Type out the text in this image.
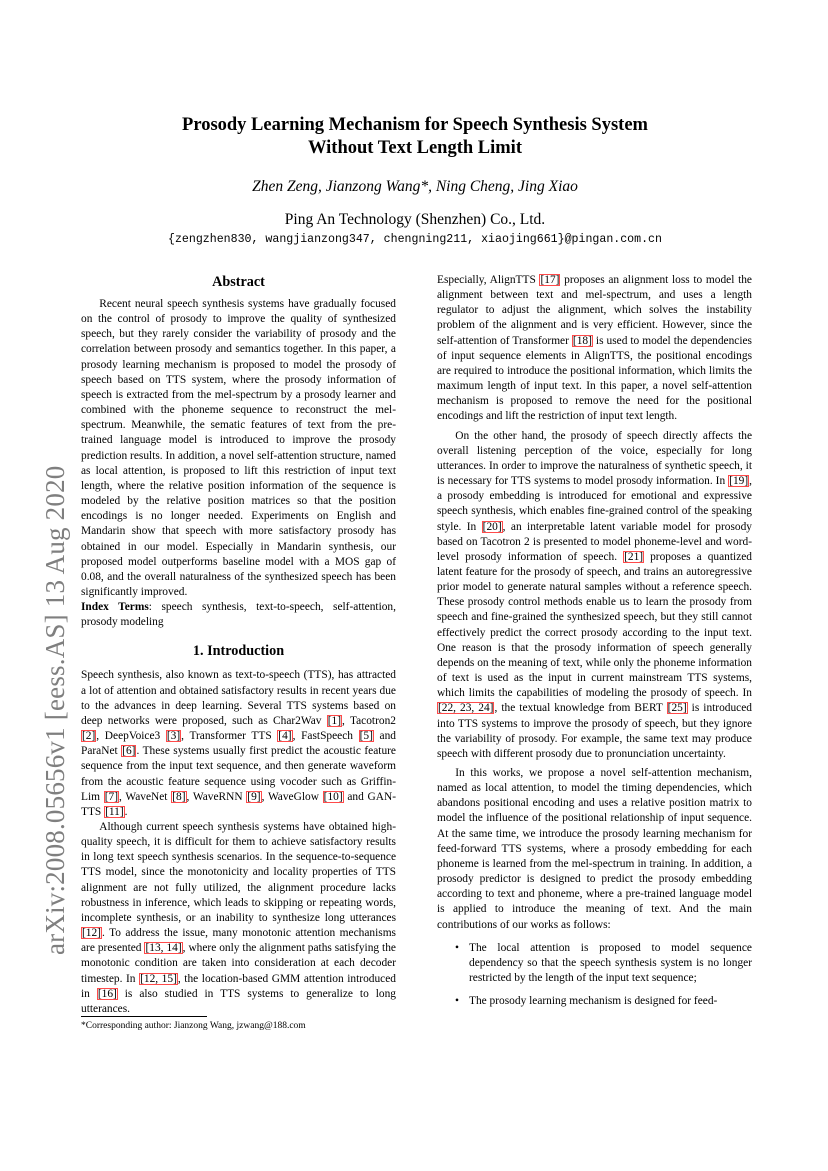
arXiv:2008.05656v1 [eess.AS] 13 Aug 2020
Prosody Learning Mechanism for Speech Synthesis System
Without Text Length Limit
Zhen Zeng, Jianzong Wang*, Ning Cheng, Jing Xiao
Ping An Technology (Shenzhen) Co., Ltd.
{zengzhen830, wangjianzong347, chengning211, xiaojing661}@pingan.com.cn
Abstract

Recent neural speech synthesis systems have gradually focused on the control of prosody to improve the quality of synthesized speech, but they rarely consider the variability of prosody and the correlation between prosody and semantics together. In this paper, a prosody learning mechanism is proposed to model the prosody of speech based on TTS system, where the prosody information of speech is extracted from the mel-spectrum by a prosody learner and combined with the phoneme sequence to reconstruct the mel-spectrum. Meanwhile, the sematic features of text from the pre-trained language model is introduced to improve the prosody prediction results. In addition, a novel self-attention structure, named as local attention, is proposed to lift this restriction of input text length, where the relative position information of the sequence is modeled by the relative position matrices so that the position encodings is no longer needed. Experiments on English and Mandarin show that speech with more satisfactory prosody has obtained in our model. Especially in Mandarin synthesis, our proposed model outperforms baseline model with a MOS gap of 0.08, and the overall naturalness of the synthesized speech has been significantly improved.

Index Terms: speech synthesis, text-to-speech, self-attention, prosody modeling

1. Introduction

Speech synthesis, also known as text-to-speech (TTS), has attracted a lot of attention and obtained satisfactory results in recent years due to the advances in deep learning. Several TTS systems based on deep networks were proposed, such as Char2Wav [1], Tacotron2 [2], DeepVoice3 [3], Transformer TTS [4], FastSpeech [5] and ParaNet [6]. These systems usually first predict the acoustic feature sequence from the input text sequence, and then generate waveform from the acoustic feature sequence using vocoder such as Griffin-Lim [7], WaveNet [8], WaveRNN [9], WaveGlow [10] and GAN-TTS [11].

Although current speech synthesis systems have obtained high-quality speech, it is difficult for them to achieve satisfactory results in long text speech synthesis scenarios. In the sequence-to-sequence TTS model, since the monotonicity and locality properties of TTS alignment are not fully utilized, the alignment procedure lacks robustness in inference, which leads to skipping or repeating words, incomplete synthesis, or an inability to synthesize long utterances [12]. To address the issue, many monotonic attention mechanisms are presented [13, 14], where only the alignment paths satisfying the monotonic condition are taken into consideration at each decoder timestep. In [12, 15], the location-based GMM attention introduced in [16] is also studied in TTS systems to generalize to long utterances.

Especially, AlignTTS [17] proposes an alignment loss to model the alignment between text and mel-spectrum, and uses a length regulator to adjust the alignment, which solves the instability problem of the alignment and is very efficient. However, since the self-attention of Transformer [18] is used to model the dependencies of input sequence elements in AlignTTS, the positional encodings are required to introduce the positional information, which limits the maximum length of input text. In this paper, a novel self-attention mechanism is proposed to remove the need for the positional encodings and lift the restriction of input text length.

On the other hand, the prosody of speech directly affects the overall listening perception of the voice, especially for long utterances. In order to improve the naturalness of synthetic speech, it is necessary for TTS systems to model prosody information. In [19], a prosody embedding is introduced for emotional and expressive speech synthesis, which enables fine-grained control of the speaking style. In [20], an interpretable latent variable model for prosody based on Tacotron 2 is presented to model phoneme-level and word-level prosody information of speech. [21] proposes a quantized latent feature for the prosody of speech, and trains an autoregressive prior model to generate natural samples without a reference speech. These prosody control methods enable us to learn the prosody from speech and fine-grained the synthesized speech, but they still cannot effectively predict the correct prosody according to the input text. One reason is that the prosody information of speech generally depends on the meaning of text, while only the phoneme information of text is used as the input in current mainstream TTS systems, which limits the capabilities of modeling the prosody of speech. In [22, 23, 24], the textual knowledge from BERT [25] is introduced into TTS systems to improve the prosody of speech, but they ignore the variability of prosody. For example, the same text may produce speech with different prosody due to pronunciation uncertainty.

In this works, we propose a novel self-attention mechanism, named as local attention, to model the timing dependencies, which abandons positional encoding and uses a relative position matrix to model the influence of the positional relationship of input sequence. At the same time, we introduce the prosody learning mechanism for feed-forward TTS systems, where a prosody embedding for each phoneme is learned from the mel-spectrum in training. In addition, a prosody predictor is designed to predict the prosody embedding according to text and phoneme, where a pre-trained language model is applied to introduce the meaning of text. And the main contributions of our works as follows:

• The local attention is proposed to model sequence dependency so that the speech synthesis system is no longer restricted by the length of the input text sequence;
• The prosody learning mechanism is designed for feed-
*Corresponding author: Jianzong Wang, jzwang@188.com
